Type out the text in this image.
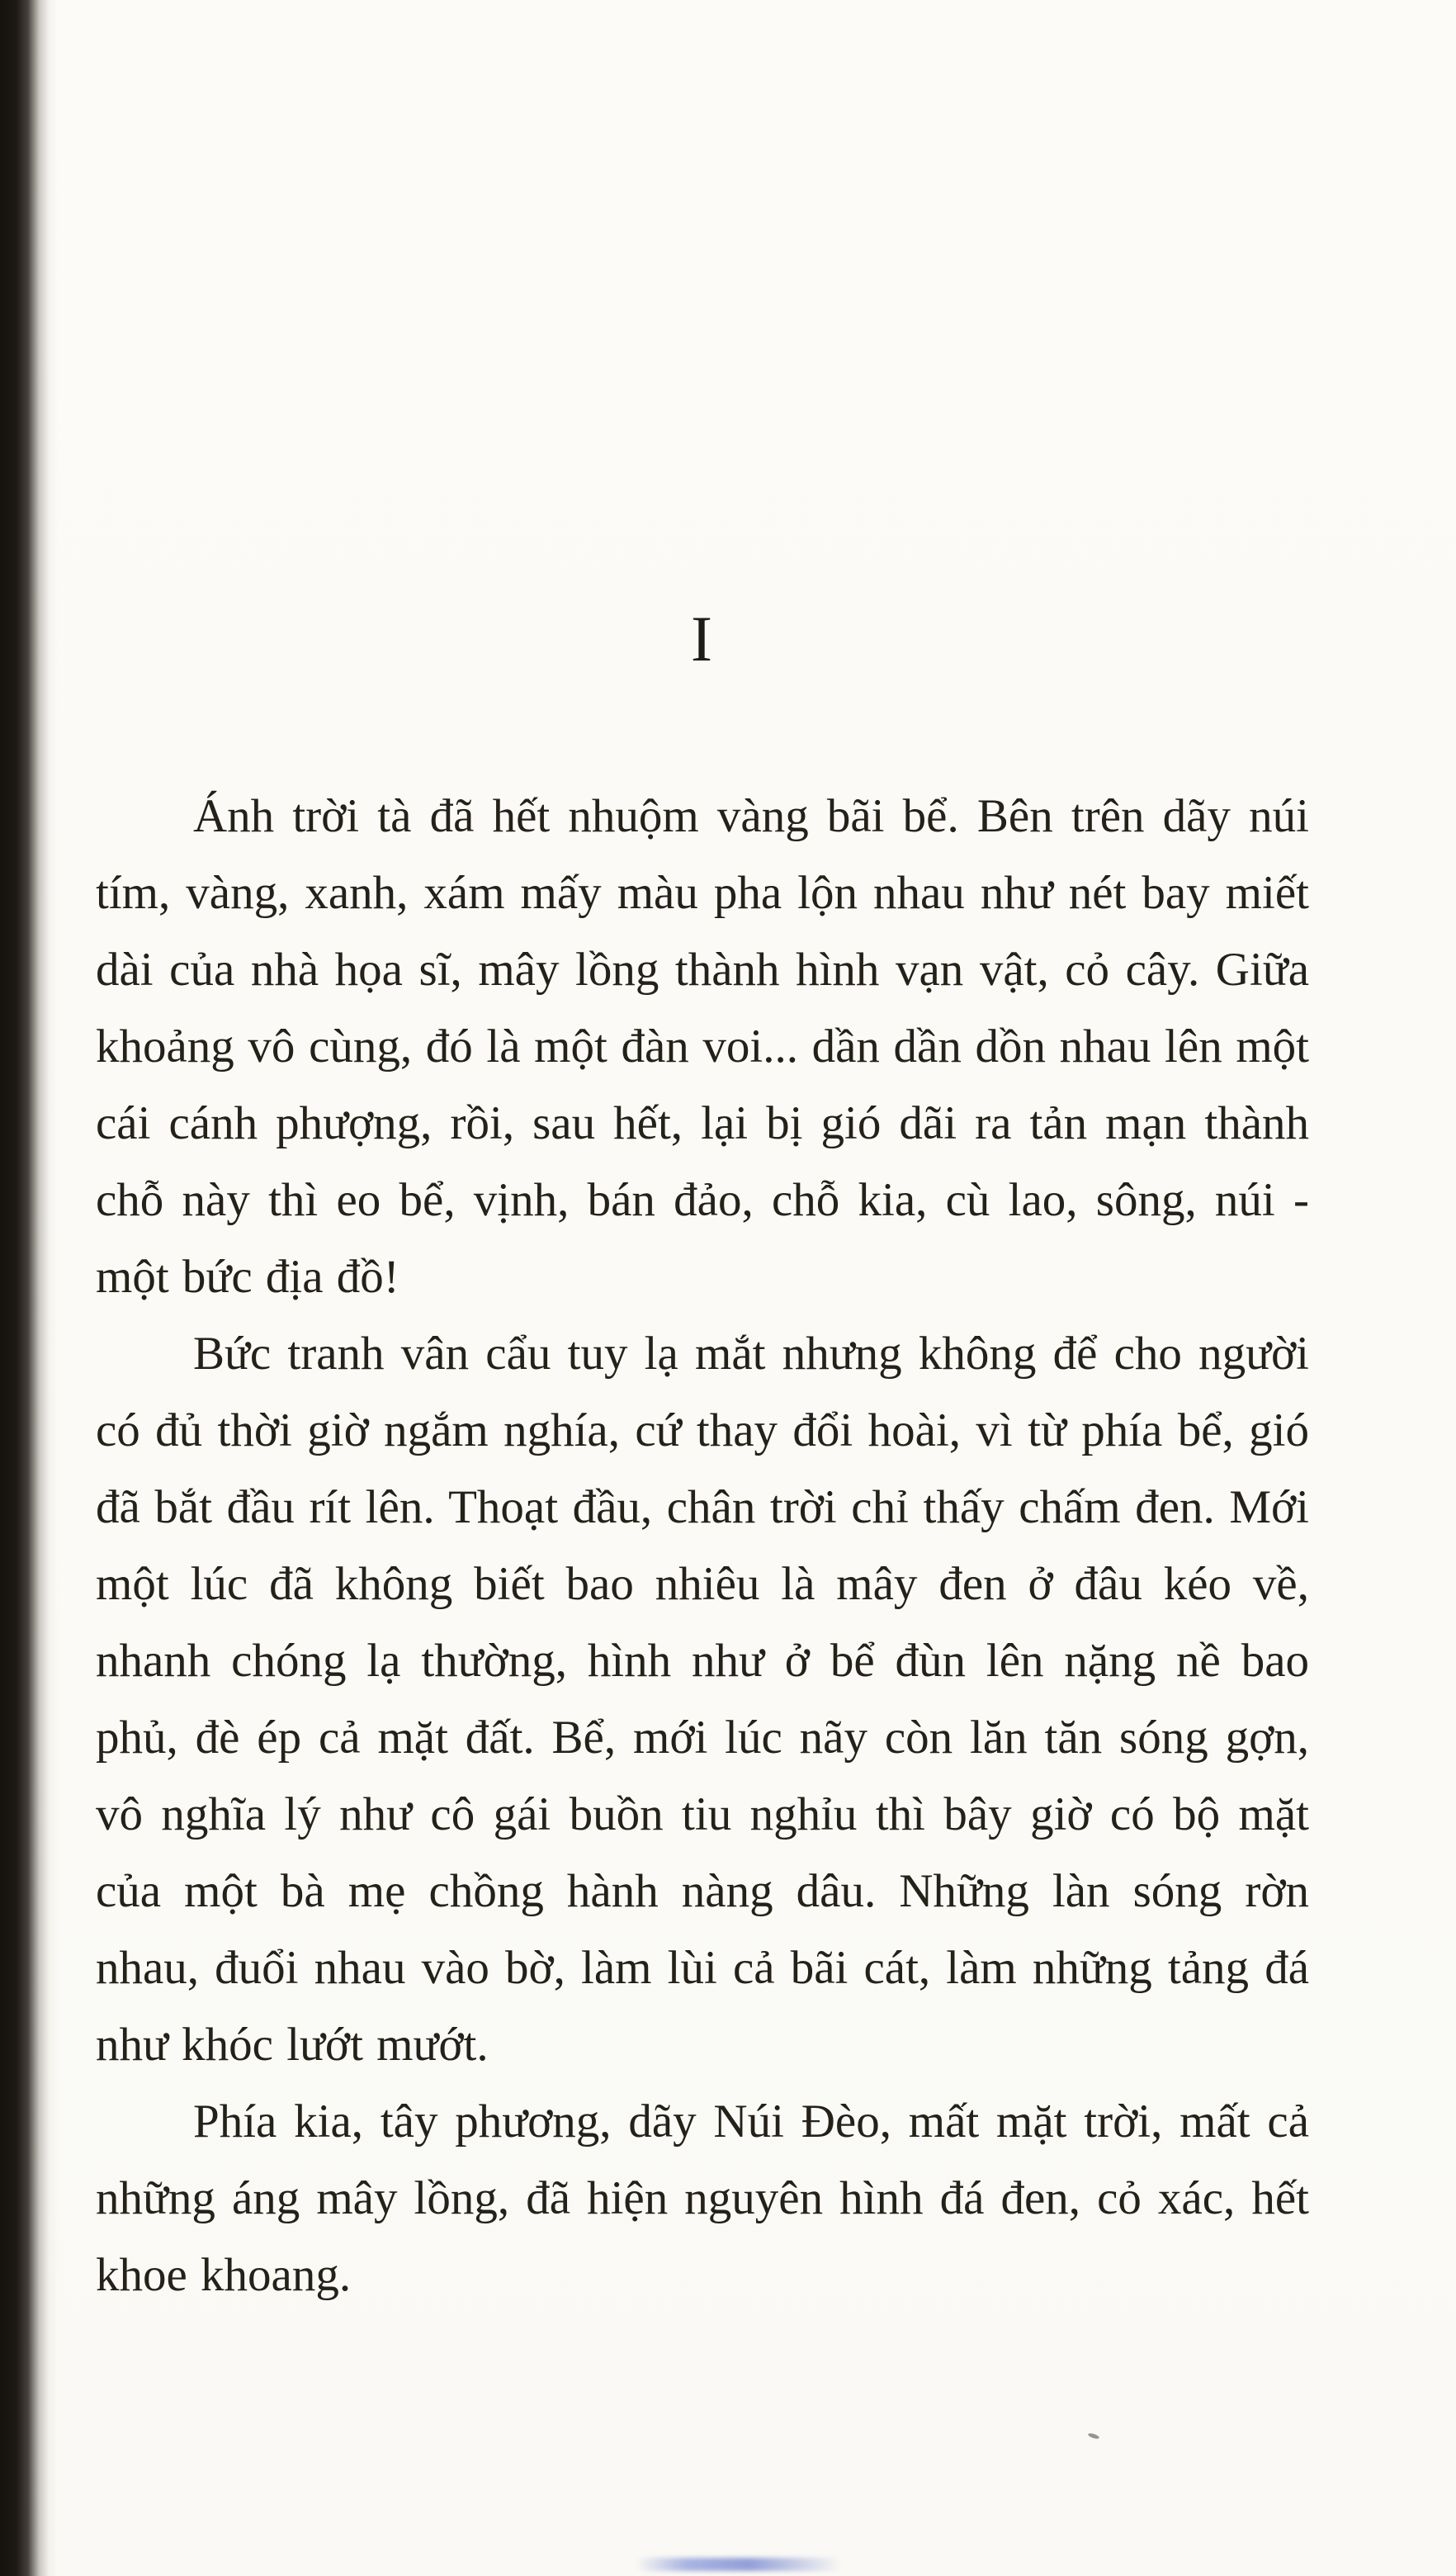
I

Ánh trời tà đã hết nhuộm vàng bãi bể. Bên trên dãy núi tím, vàng, xanh, xám mấy màu pha lộn nhau như nét bay miết dài của nhà họa sĩ, mây lồng thành hình vạn vật, cỏ cây. Giữa khoảng vô cùng, đó là một đàn voi... dần dần dồn nhau lên một cái cánh phượng, rồi, sau hết, lại bị gió dãi ra tản mạn thành chỗ này thì eo bể, vịnh, bán đảo, chỗ kia, cù lao, sông, núi - một bức địa đồ!

Bức tranh vân cẩu tuy lạ mắt nhưng không để cho người có đủ thời giờ ngắm nghía, cứ thay đổi hoài, vì từ phía bể, gió đã bắt đầu rít lên. Thoạt đầu, chân trời chỉ thấy chấm đen. Mới một lúc đã không biết bao nhiêu là mây đen ở đâu kéo về, nhanh chóng lạ thường, hình như ở bể đùn lên nặng nề bao phủ, đè ép cả mặt đất. Bể, mới lúc nãy còn lăn tăn sóng gợn, vô nghĩa lý như cô gái buồn tiu nghỉu thì bây giờ có bộ mặt của một bà mẹ chồng hành nàng dâu. Những làn sóng rờn nhau, đuổi nhau vào bờ, làm lùi cả bãi cát, làm những tảng đá như khóc lướt mướt.

Phía kia, tây phương, dãy Núi Đèo, mất mặt trời, mất cả những áng mây lồng, đã hiện nguyên hình đá đen, cỏ xác, hết khoe khoang.
